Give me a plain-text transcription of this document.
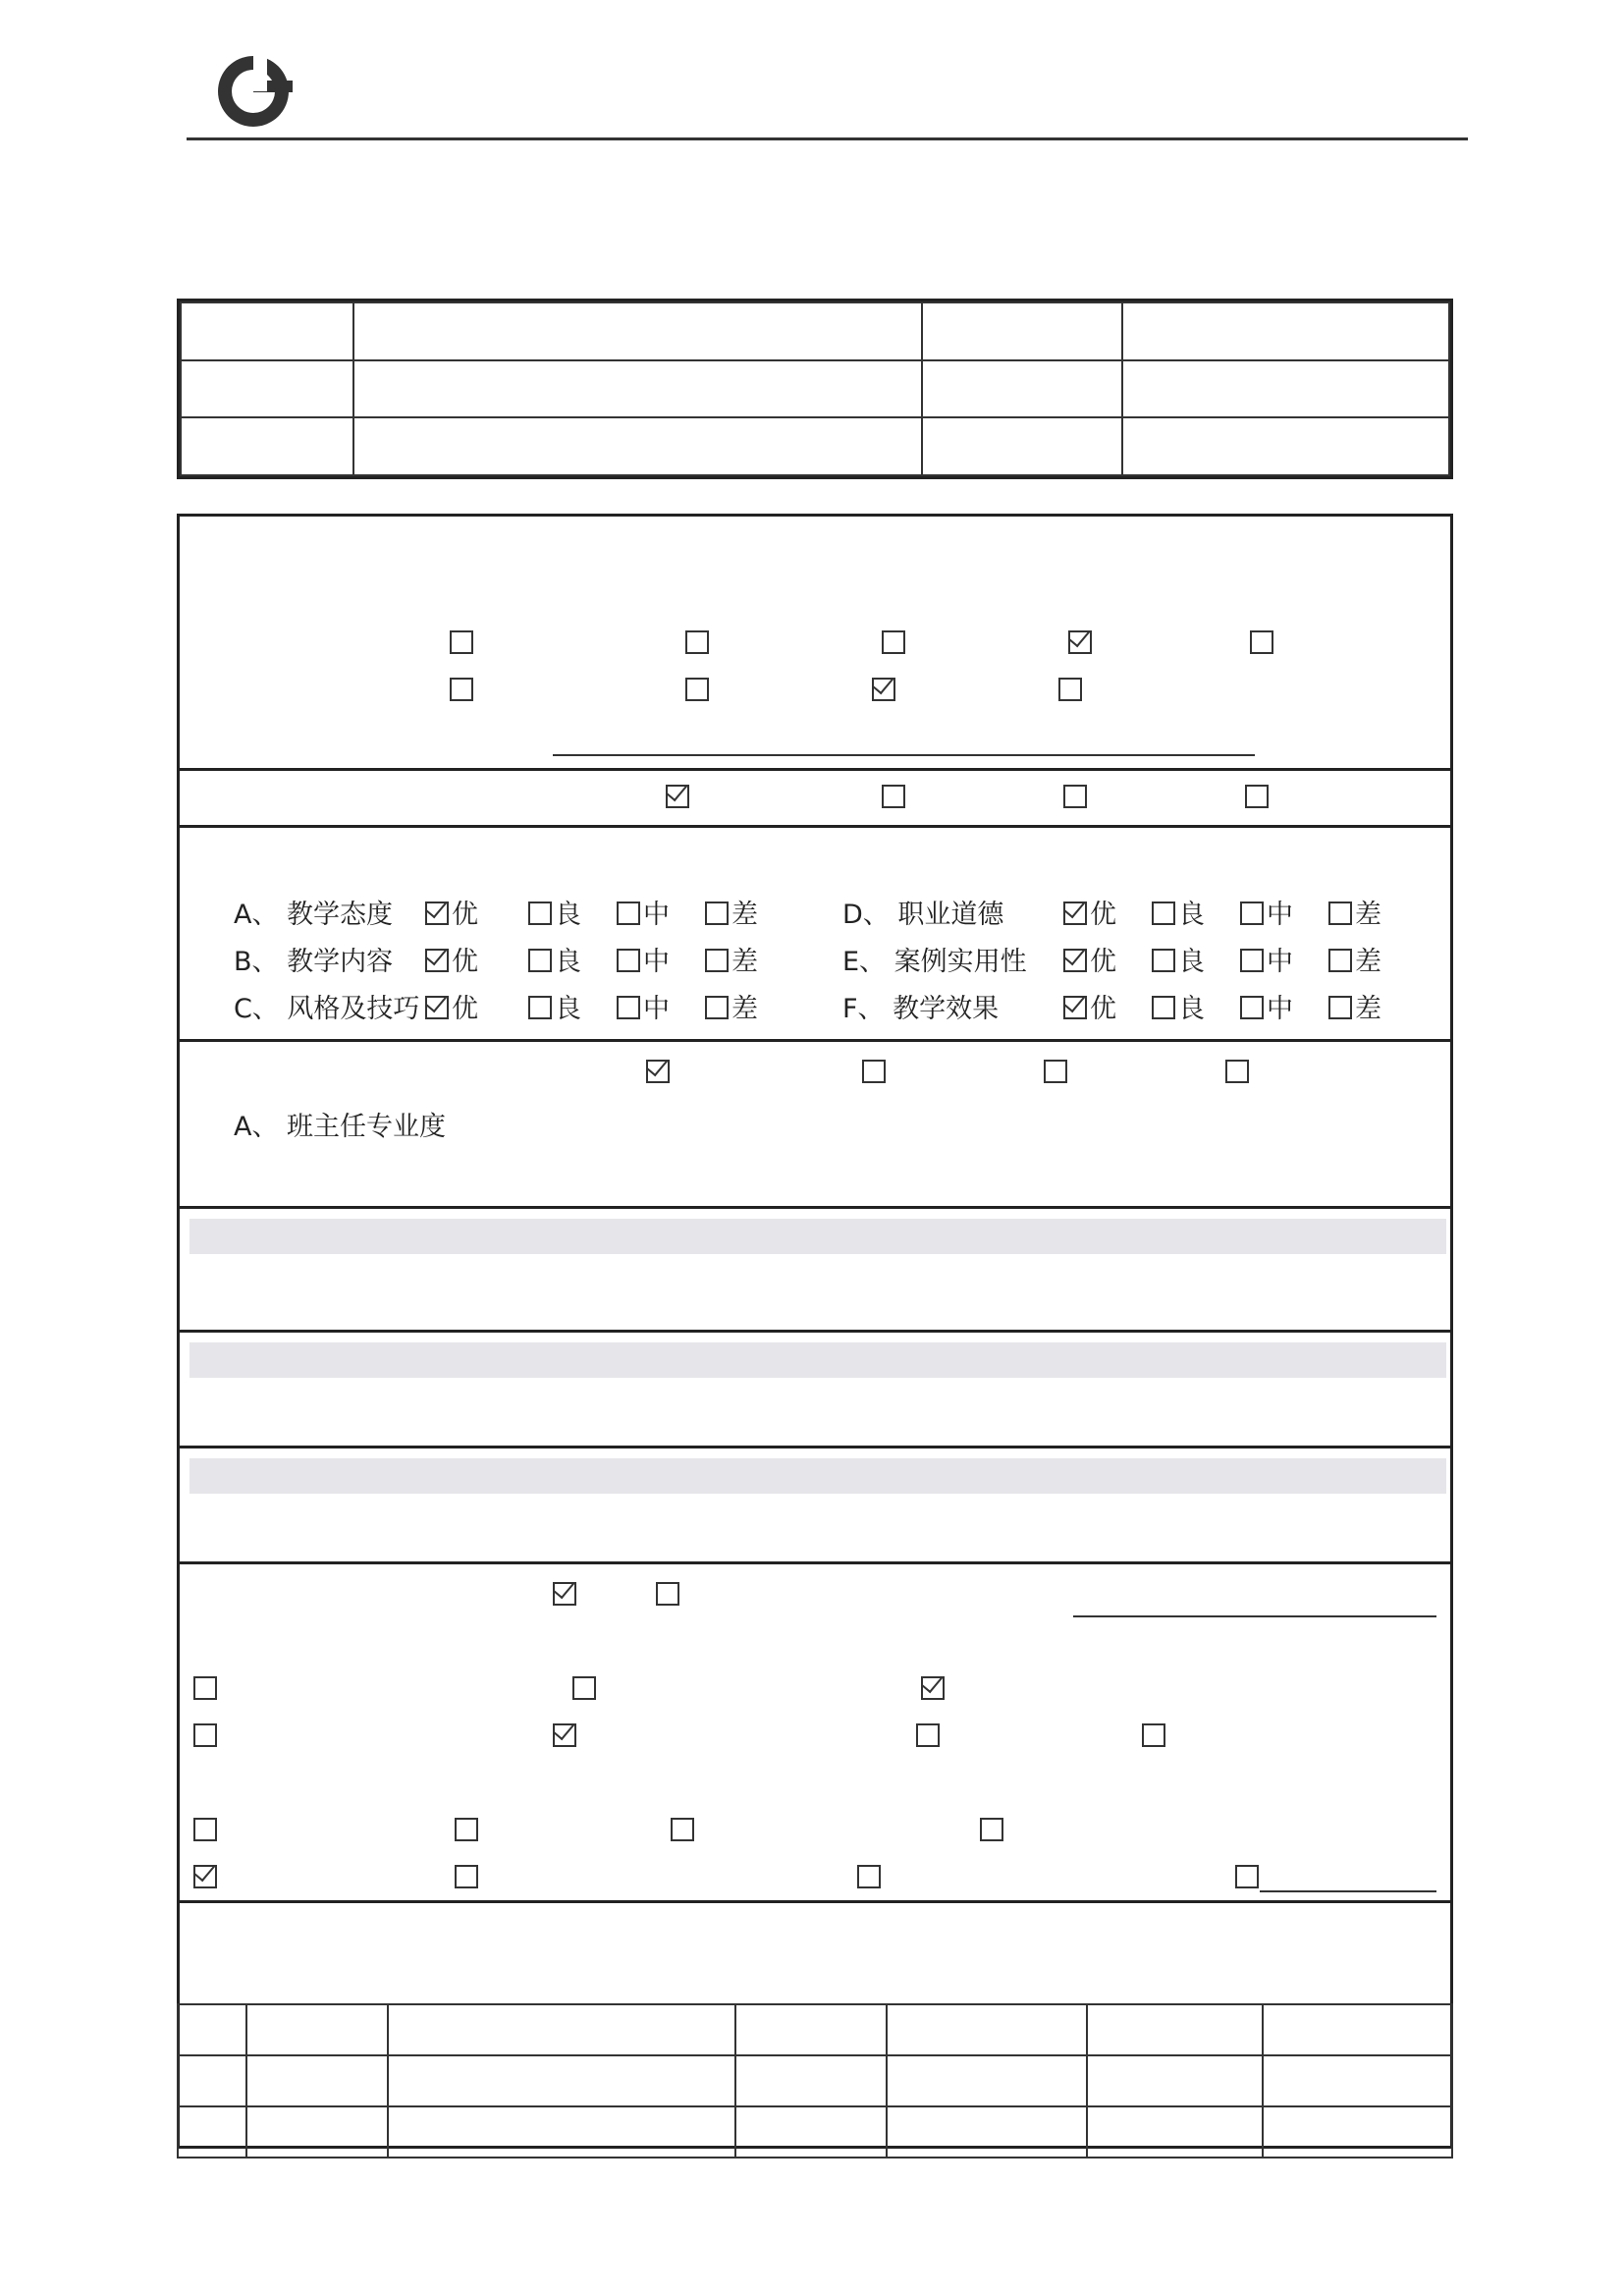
A、 教学态度	优	良	中	差
B、 教学内容	优	良	中	差
C、 风格及技巧	优	良	中	差
D、 职业道德	优	良	中	差
E、 案例实用性	优	良	中	差
F、 教学效果	优	良	中	差
A、 班主任专业度
